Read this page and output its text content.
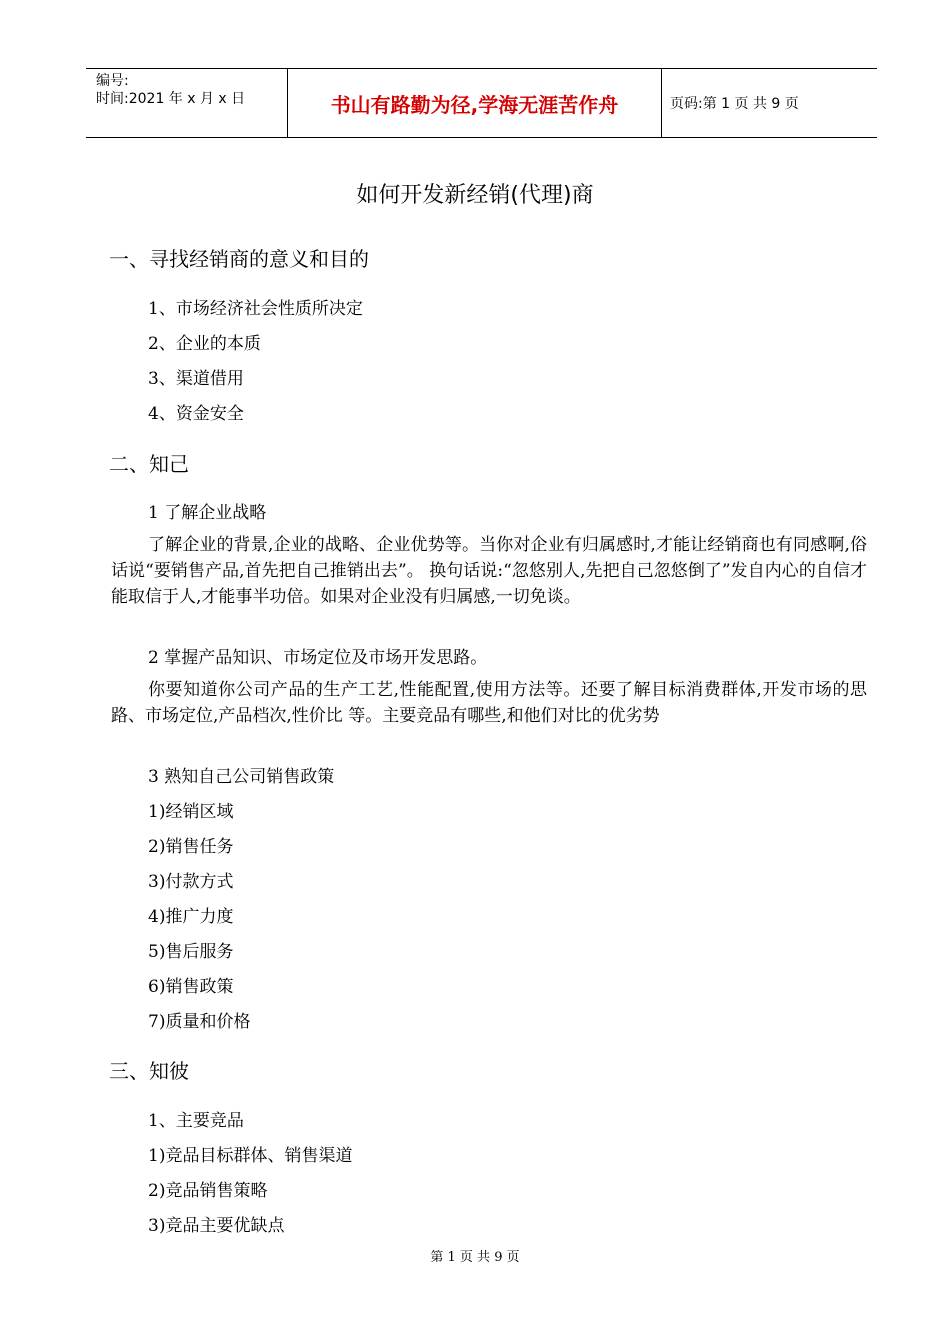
编号:
时间:2021 年 x 月 x 日	书山有路勤为径,学海无涯苦作舟	页码:第 1 页 共 9 页
如何开发新经销(代理)商
一、寻找经销商的意义和目的
1、市场经济社会性质所决定
2、企业的本质
3、渠道借用
4、资金安全
二、知己
1 了解企业战略
了解企业的背景,企业的战略、企业优势等。当你对企业有归属感时,才能让经销商也有同感啊,俗话说“要销售产品,首先把自己推销出去”。 换句话说:“忽悠别人,先把自己忽悠倒了”发自内心的自信才能取信于人,才能事半功倍。如果对企业没有归属感,一切免谈。
2 掌握产品知识、市场定位及市场开发思路。
你要知道你公司产品的生产工艺,性能配置,使用方法等。还要了解目标消费群体,开发市场的思路、市场定位,产品档次,性价比 等。主要竞品有哪些,和他们对比的优劣势
3 熟知自己公司销售政策
1)经销区域
2)销售任务
3)付款方式
4)推广力度
5)售后服务
6)销售政策
7)质量和价格
三、知彼
1、主要竞品
1)竞品目标群体、销售渠道
2)竞品销售策略
3)竞品主要优缺点
第 1 页 共 9 页
